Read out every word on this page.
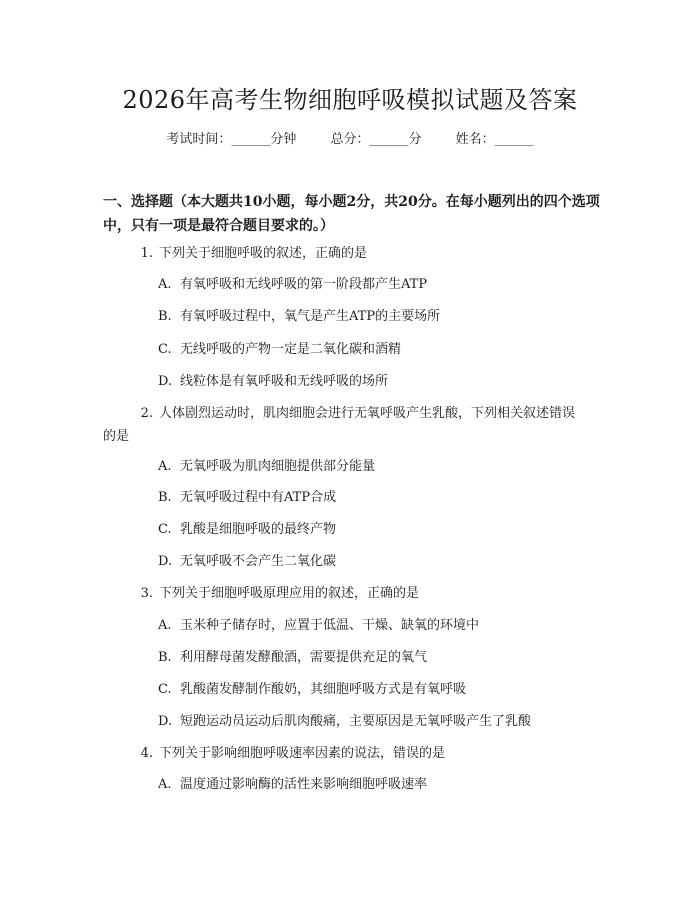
2026年高考生物细胞呼吸模拟试题及答案
考试时间：______分钟	总分：______分	姓名：______
一、选择题（本大题共10小题，每小题2分，共20分。在每小题列出的四个选项中，只有一项是最符合题目要求的。）
1. 下列关于细胞呼吸的叙述，正确的是
A. 有氧呼吸和无线呼吸的第一阶段都产生ATP
B. 有氧呼吸过程中，氧气是产生ATP的主要场所
C. 无线呼吸的产物一定是二氧化碳和酒精
D. 线粒体是有氧呼吸和无线呼吸的场所
2. 人体剧烈运动时，肌肉细胞会进行无氧呼吸产生乳酸，下列相关叙述错误
的是
A. 无氧呼吸为肌肉细胞提供部分能量
B. 无氧呼吸过程中有ATP合成
C. 乳酸是细胞呼吸的最终产物
D. 无氧呼吸不会产生二氧化碳
3. 下列关于细胞呼吸原理应用的叙述，正确的是
A. 玉米种子储存时，应置于低温、干燥、缺氧的环境中
B. 利用酵母菌发酵酿酒，需要提供充足的氧气
C. 乳酸菌发酵制作酸奶，其细胞呼吸方式是有氧呼吸
D. 短跑运动员运动后肌肉酸痛，主要原因是无氧呼吸产生了乳酸
4. 下列关于影响细胞呼吸速率因素的说法，错误的是
A. 温度通过影响酶的活性来影响细胞呼吸速率
